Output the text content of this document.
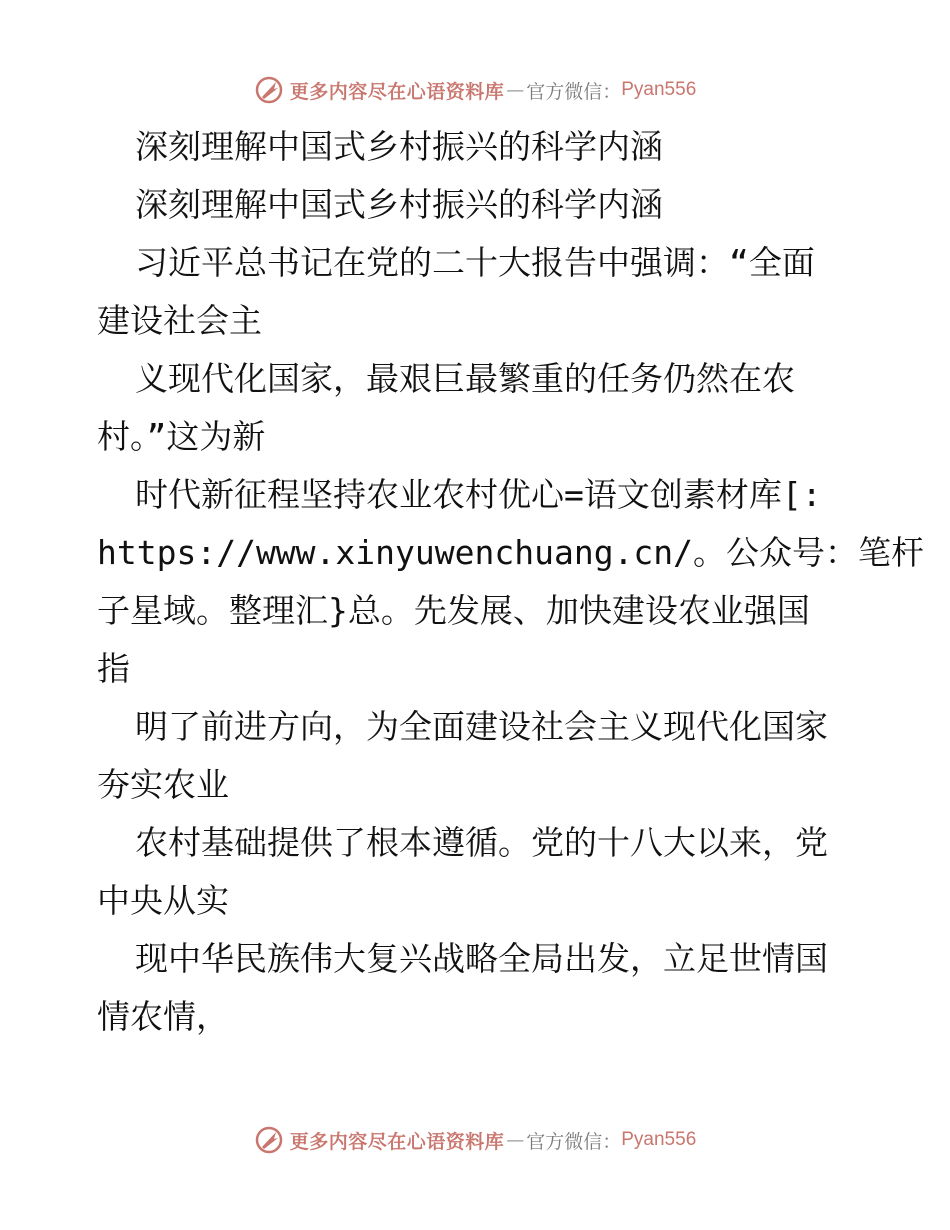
更多内容尽在心语资料库 — 官方微信： Pyan556
深刻理解中国式乡村振兴的科学内涵
深刻理解中国式乡村振兴的科学内涵
习近平总书记在党的二十大报告中强调：“全面
建设社会主
义现代化国家，最艰巨最繁重的任务仍然在农
村。”这为新
时代新征程坚持农业农村优心=语文创素材库[:
https://www.xinyuwenchuang.cn/。公众号：笔杆
子星域。整理汇}总。先发展、加快建设农业强国
指
明了前进方向，为全面建设社会主义现代化国家
夯实农业
农村基础提供了根本遵循。党的十八大以来，党
中央从实
现中华民族伟大复兴战略全局出发，立足世情国
情农情，
更多内容尽在心语资料库 — 官方微信： Pyan556
